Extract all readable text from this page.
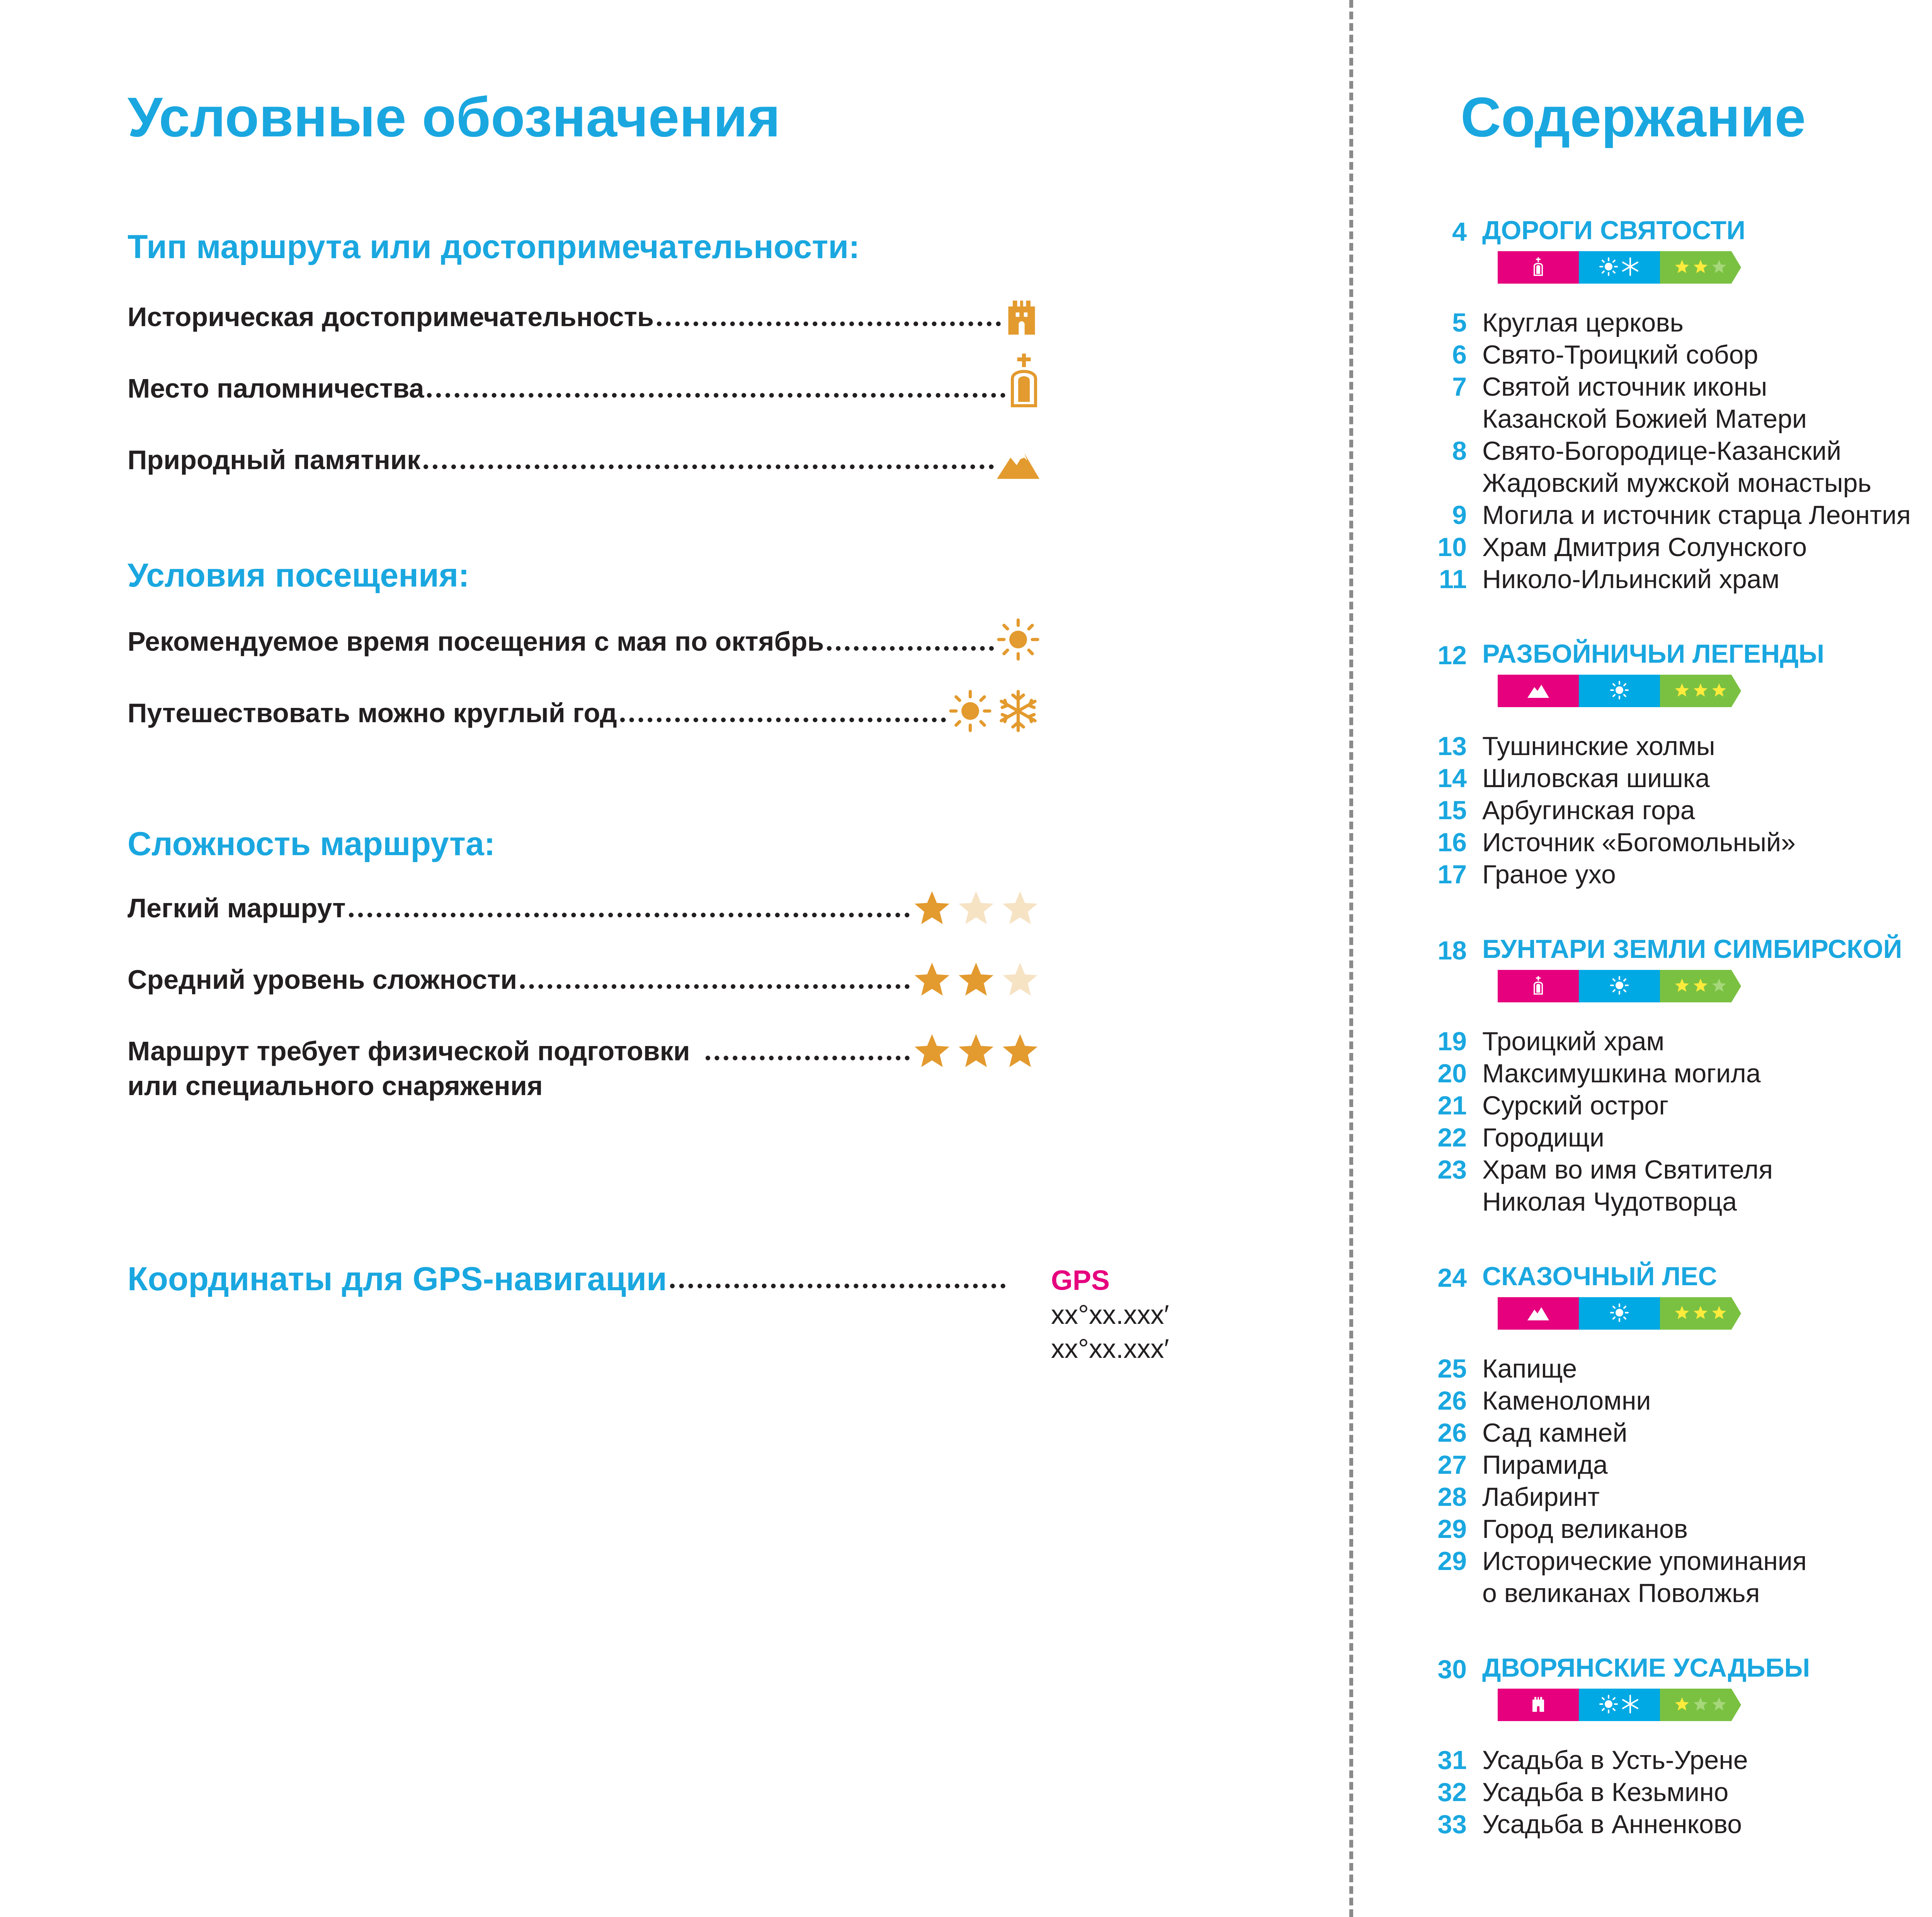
Условные обозначения
Тип маршрута или достопримечательности:
Историческая достопримечательность
Место паломничества
Природный памятник
Условия посещения:
Рекомендуемое время посещения с мая по октябрь
Путешествовать можно круглый год
Сложность маршрута:
Легкий маршрут
Средний уровень сложности
Маршрут требует физической подготовки
или специального снаряжения
Координаты для GPS-навигации	GPS
xx°xx.xxx′
xx°xx.xxx′
Содержание
4 ДОРОГИ СВЯТОСТИ
5 Круглая церковь
6 Свято-Троицкий собор
7 Святой источник иконы
Казанской Божией Матери
8 Свято-Богородице-Казанский
Жадовский мужской монастырь
9 Могила и источник старца Леонтия
10 Храм Дмитрия Солунского
11 Николо-Ильинский храм
12 РАЗБОЙНИЧЬИ ЛЕГЕНДЫ
13 Тушнинские холмы
14 Шиловская шишка
15 Арбугинская гора
16 Источник «Богомольный»
17 Граное ухо
18 БУНТАРИ ЗЕМЛИ СИМБИРСКОЙ
19 Троицкий храм
20 Максимушкина могила
21 Сурский острог
22 Городищи
23 Храм во имя Святителя
Николая Чудотворца
24 СКАЗОЧНЫЙ ЛЕС
25 Капище
26 Каменоломни
26 Сад камней
27 Пирамида
28 Лабиринт
29 Город великанов
29 Исторические упоминания
о великанах Поволжья
30 ДВОРЯНСКИЕ УСАДЬБЫ
31 Усадьба в Усть-Урене
32 Усадьба в Кезьмино
33 Усадьба в Анненково
